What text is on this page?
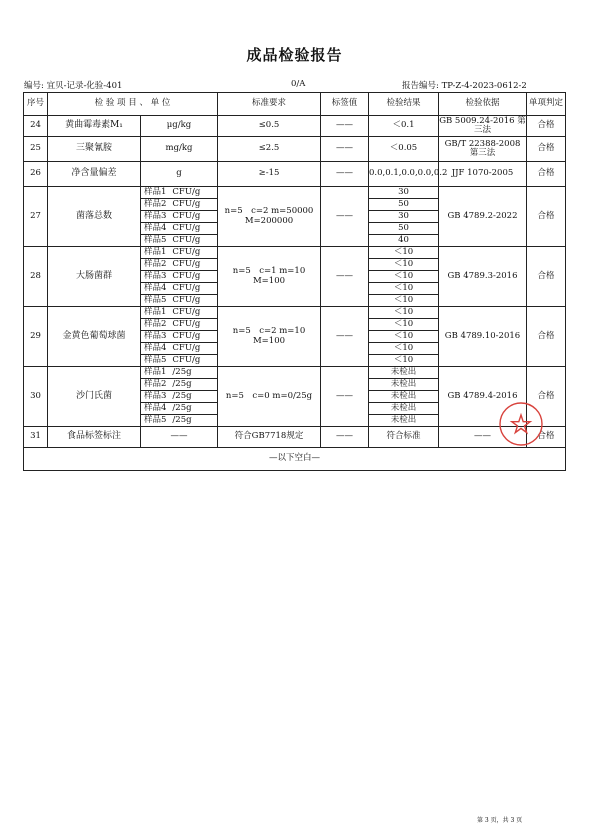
成品检验报告
编号: 宜贝-记录-化验-401	0/A	报告编号: TP-Z-4-2023-0612-2
序号	检 验 项 目 、 单 位		标准要求	标签值	检验结果	检验依据	单项判定
24	黄曲霉毒素M₁	μg/kg	≤0.5	——	＜0.1	GB 5009.24-2016 第三法	合格
25	三聚氰胺	mg/kg	≤2.5	——	＜0.05	GB/T 22388-2008 第三法	合格
26	净含量偏差	g	≥-15	——	0.0,0.1,0.0,0.0,0.2	JJF 1070-2005	合格
27	菌落总数	样品1 CFU/g	n=5　c=2 m=50000 M=200000	——	30	GB 4789.2-2022	合格
		样品2 CFU/g			50		
		样品3 CFU/g			30		
		样品4 CFU/g			50		
		样品5 CFU/g			40		
28	大肠菌群	样品1 CFU/g	n=5　c=1 m=10 M=100	——	＜10	GB 4789.3-2016	合格
		样品2 CFU/g			＜10		
		样品3 CFU/g			＜10		
		样品4 CFU/g			＜10		
		样品5 CFU/g			＜10		
29	金黄色葡萄球菌	样品1 CFU/g	n=5　c=2 m=10 M=100	——	＜10	GB 4789.10-2016	合格
		样品2 CFU/g			＜10		
		样品3 CFU/g			＜10		
		样品4 CFU/g			＜10		
		样品5 CFU/g			＜10		
30	沙门氏菌	样品1 /25g	n=5　c=0 m=0/25g	——	未检出	GB 4789.4-2016	合格
		样品2 /25g			未检出		
		样品3 /25g			未检出		
		样品4 /25g			未检出		
		样品5 /25g			未检出		
31	食品标签标注	——	符合GB7718规定	——	符合标准	——	合格
—以下空白—							
第 3 页，共 3 页
